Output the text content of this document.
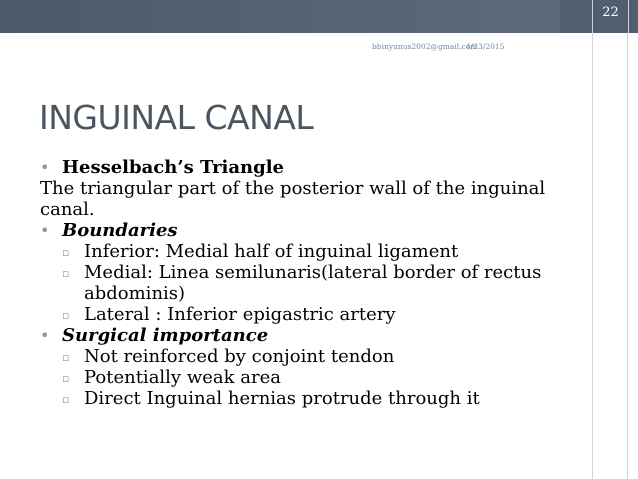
22
bbinyunus2002@gmail.com
4/23/2015
INGUINAL CANAL
• Hesselbach’s Triangle
The triangular part of the posterior wall of the inguinal canal.
• Boundaries
▫ Inferior: Medial half of inguinal ligament
▫ Medial: Linea semilunaris(lateral border of rectus abdominis)
▫ Lateral : Inferior epigastric artery
• Surgical importance
▫ Not reinforced by conjoint tendon
▫ Potentially weak area
▫ Direct Inguinal hernias protrude through it
